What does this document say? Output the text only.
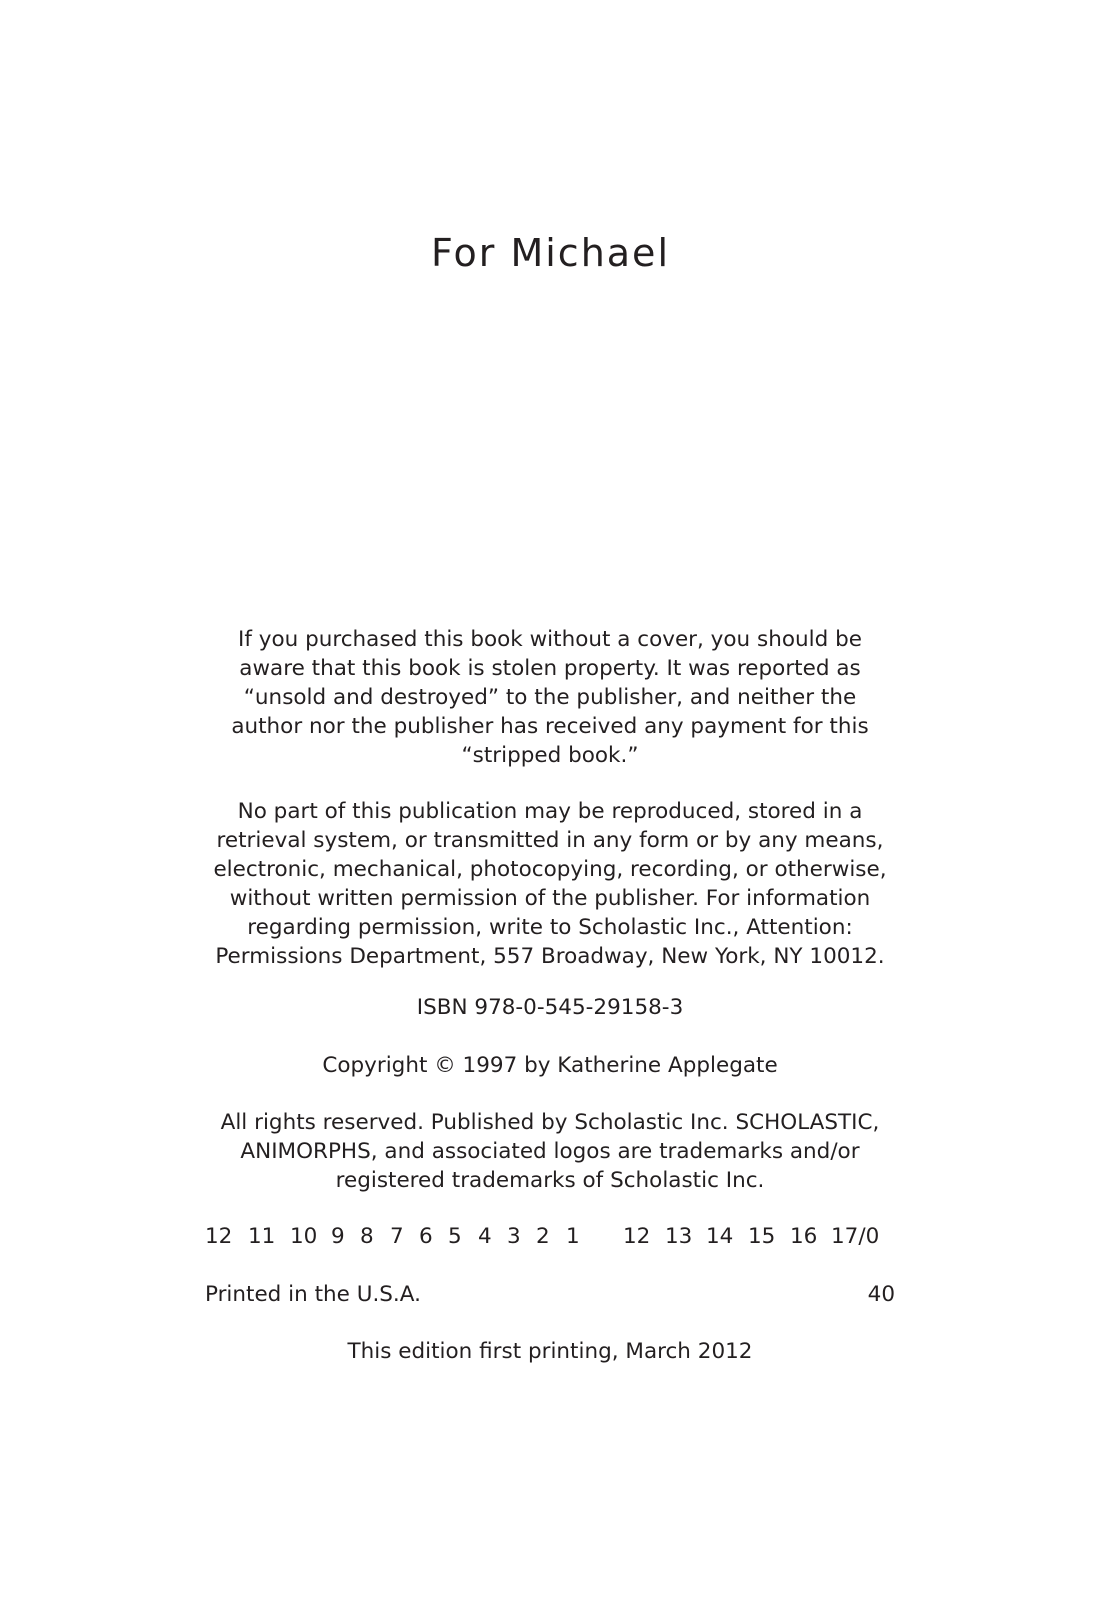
For Michael
If you purchased this book without a cover, you should be
aware that this book is stolen property. It was reported as
“unsold and destroyed” to the publisher, and neither the
author nor the publisher has received any payment for this
“stripped book.”
No part of this publication may be reproduced, stored in a
retrieval system, or transmitted in any form or by any means,
electronic, mechanical, photocopying, recording, or otherwise,
without written permission of the publisher. For information
regarding permission, write to Scholastic Inc., Attention:
Permissions Department, 557 Broadway, New York, NY 10012.
ISBN 978-0-545-29158-3
Copyright © 1997 by Katherine Applegate
All rights reserved. Published by Scholastic Inc. SCHOLASTIC,
ANIMORPHS, and associated logos are trademarks and/or
registered trademarks of Scholastic Inc.
12 11 10 9 8 7 6 5 4 3 2 1 12 13 14 15 16 17/0
Printed in the U.S.A.	40
This edition first printing, March 2012
